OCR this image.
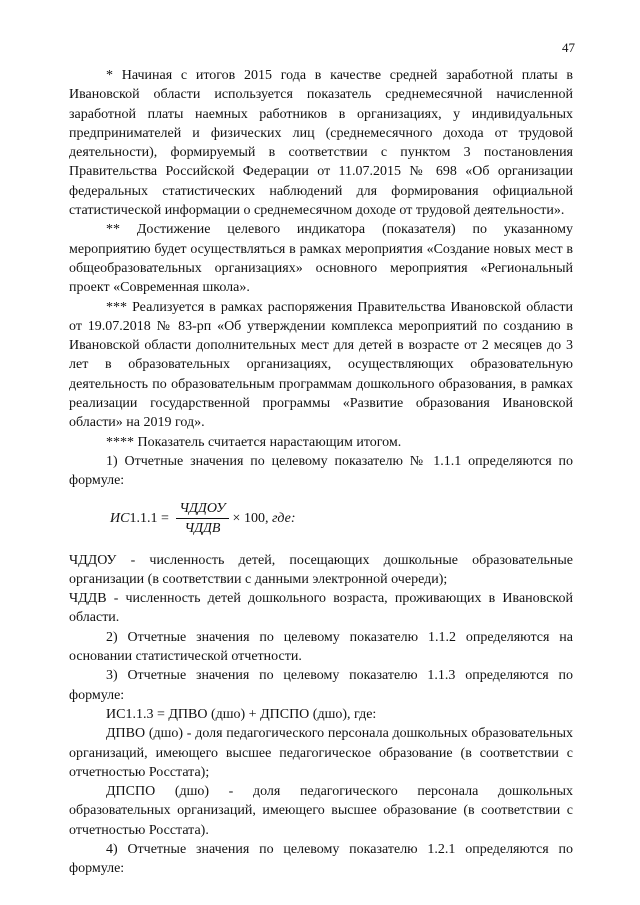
47

* Начиная с итогов 2015 года в качестве средней заработной платы в Ивановской области используется показатель среднемесячной начисленной заработной платы наемных работников в организациях, у индивидуальных предпринимателей и физических лиц (среднемесячного дохода от трудовой деятельности), формируемый в соответствии с пунктом 3 постановления Правительства Российской Федерации от 11.07.2015 № 698 «Об организации федеральных статистических наблюдений для формирования официальной статистической информации о среднемесячном доходе от трудовой деятельности».

** Достижение целевого индикатора (показателя) по указанному мероприятию будет осуществляться в рамках мероприятия «Создание новых мест в общеобразовательных организациях» основного мероприятия «Региональный проект «Современная школа».

*** Реализуется в рамках распоряжения Правительства Ивановской области от 19.07.2018 № 83-рп «Об утверждении комплекса мероприятий по созданию в Ивановской области дополнительных мест для детей в возрасте от 2 месяцев до 3 лет в образовательных организациях, осуществляющих образовательную деятельность по образовательным программам дошкольного образования, в рамках реализации государственной программы «Развитие образования Ивановской области» на 2019 год».

**** Показатель считается нарастающим итогом.

1) Отчетные значения по целевому показателю № 1.1.1 определяются по формуле:

ИС $1.1.1 = \frac{\text{ЧДДОУ}}{\text{ЧДДВ}} \times 100$, где:

ЧДДОУ - численность детей, посещающих дошкольные образовательные организации (в соответствии с данными электронной очереди);

ЧДДВ - численность детей дошкольного возраста, проживающих в Ивановской области.

2) Отчетные значения по целевому показателю 1.1.2 определяются на основании статистической отчетности.

3) Отчетные значения по целевому показателю 1.1.3 определяются по формуле:

ИС1.1.3 = ДПВО (дшо) + ДПСПО (дшо), где:

ДПВО (дшо) - доля педагогического персонала дошкольных образовательных организаций, имеющего высшее педагогическое образование (в соответствии с отчетностью Росстата);

ДПСПО (дшо) - доля педагогического персонала дошкольных образовательных организаций, имеющего высшее образование (в соответствии с отчетностью Росстата).

4) Отчетные значения по целевому показателю 1.2.1 определяются по формуле:
